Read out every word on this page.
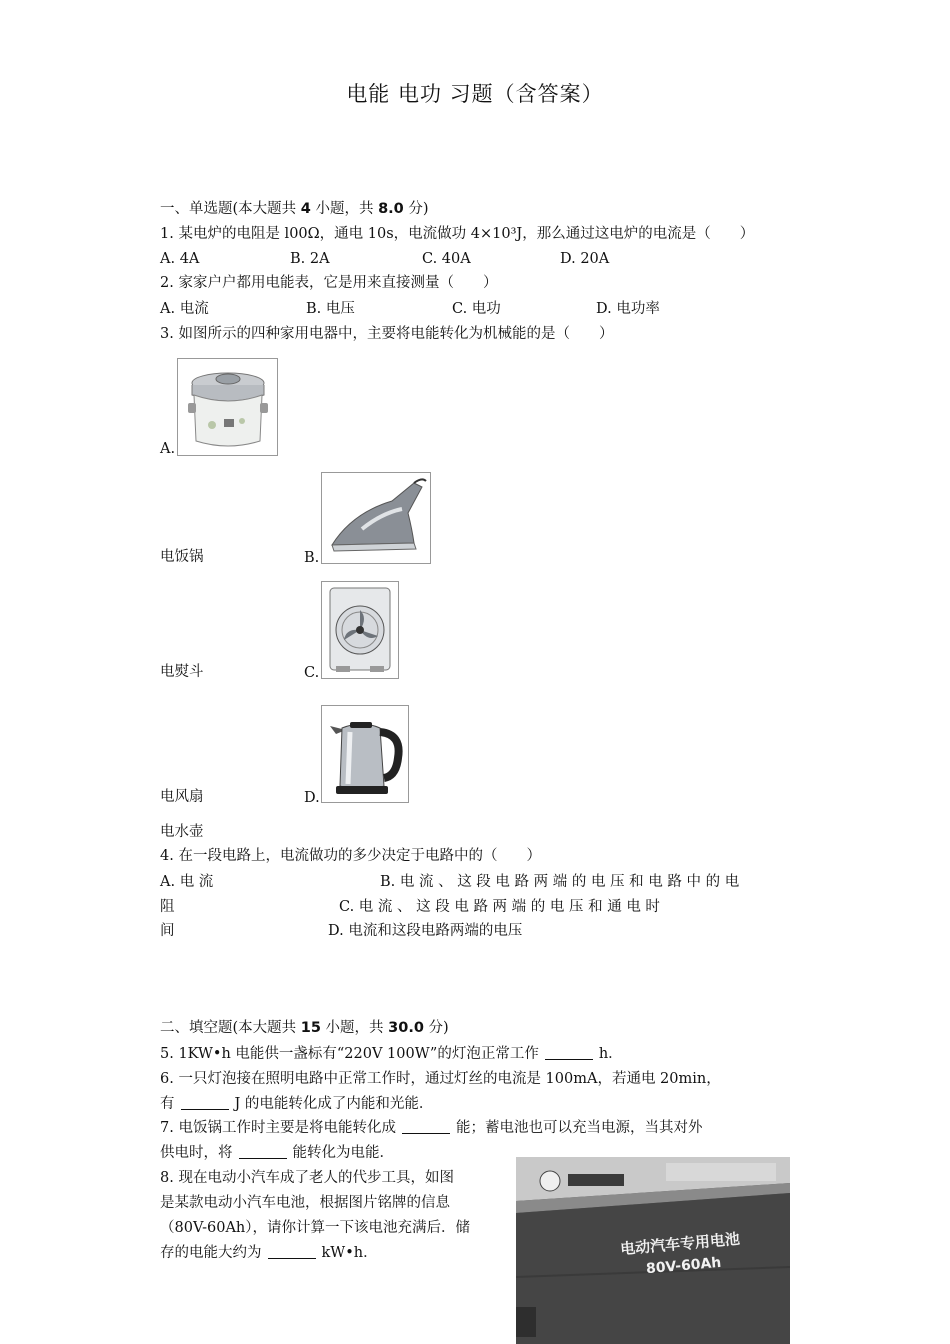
电能 电功 习题（含答案）
一、单选题(本大题共 4 小题，共 8.0 分)
1. 某电炉的电阻是 l00Ω，通电 10s，电流做功 4×10³J，那么通过这电炉的电流是（　　）
A. 4A	B. 2A	C. 40A	D. 20A
2. 家家户户都用电能表，它是用来直接测量（　　）
A. 电流	B. 电压	C. 电功	D. 电功率
3. 如图所示的四种家用电器中，主要将电能转化为机械能的是（　　）
A.
电饭锅	B.
电熨斗	C.
电风扇	D.
电水壶
4. 在一段电路上，电流做功的多少决定于电路中的（　　）
A. 电 流	B. 电 流 、 这 段 电 路 两 端 的 电 压 和 电 路 中 的 电
阻	C. 电 流 、 这 段 电 路 两 端 的 电 压 和 通 电 时
间	D. 电流和这段电路两端的电压
二、填空题(本大题共 15 小题，共 30.0 分)
5. 1KW•h 电能供一盏标有“220V 100W”的灯泡正常工作	h．
6. 一只灯泡接在照明电路中正常工作时，通过灯丝的电流是 100mA，若通电 20min，
有	J 的电能转化成了内能和光能．
7. 电饭锅工作时主要是将电能转化成	能；蓄电池也可以充当电源，当其对外
供电时，将	能转化为电能．
8. 现在电动小汽车成了老人的代步工具，如图
是某款电动小汽车电池，根据图片铭牌的信息
（80V-60Ah），请你计算一下该电池充满后．储
存的电能大约为	kW•h．	电动汽车专用电池
80V-60Ah
